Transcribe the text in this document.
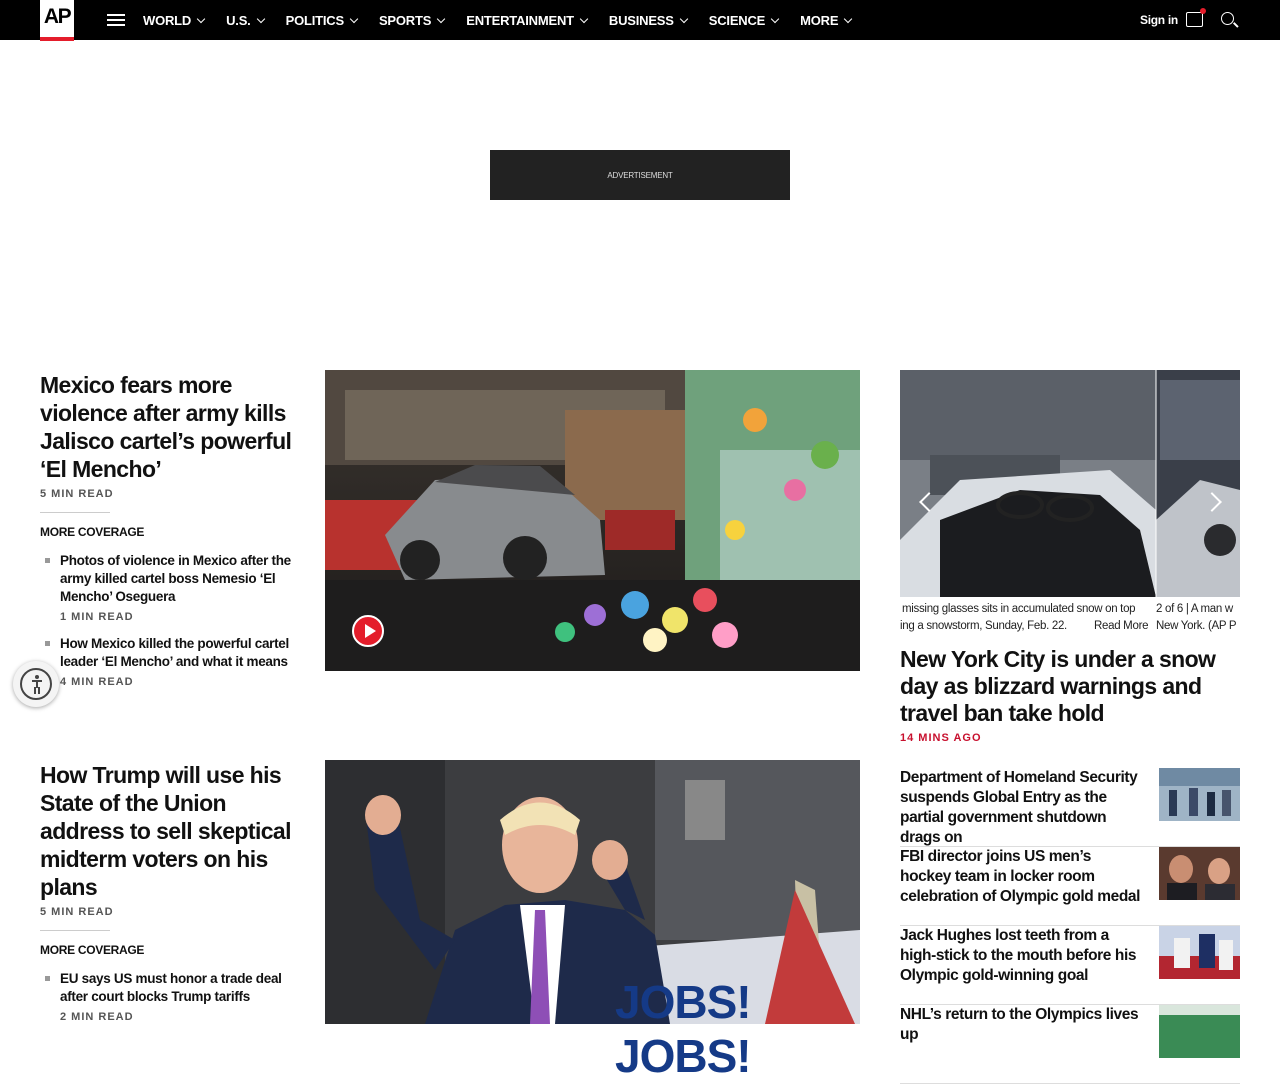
AP	WORLD	U.S.	POLITICS	SPORTS	ENTERTAINMENT	BUSINESS	SCIENCE	MORE	Sign in
ADVERTISEMENT
Mexico fears more violence after army kills Jalisco cartel’s powerful ‘El Mencho’
5 MIN READ
MORE COVERAGE
Photos of violence in Mexico after the army killed cartel boss Nemesio ‘El Mencho’ Oseguera
1 MIN READ
How Mexico killed the powerful cartel leader ‘El Mencho’ and what it means
4 MIN READ
How Trump will use his State of the Union address to sell skeptical midterm voters on his plans
5 MIN READ
MORE COVERAGE
EU says US must honor a trade deal after court blocks Trump tariffs
2 MIN READ	JOBS! JOBS!
missing glasses sits in accumulated snow on top
ing a snowstorm, Sunday, Feb. 22. Read More
2 of 6 | A man w
New York. (AP P
New York City is under a snow day as blizzard warnings and travel ban take hold
14 MINS AGO
Department of Homeland Security suspends Global Entry as the partial government shutdown drags on
FBI director joins US men’s hockey team in locker room celebration of Olympic gold medal
Jack Hughes lost teeth from a high-stick to the mouth before his Olympic gold-winning goal
NHL’s return to the Olympics lives up
